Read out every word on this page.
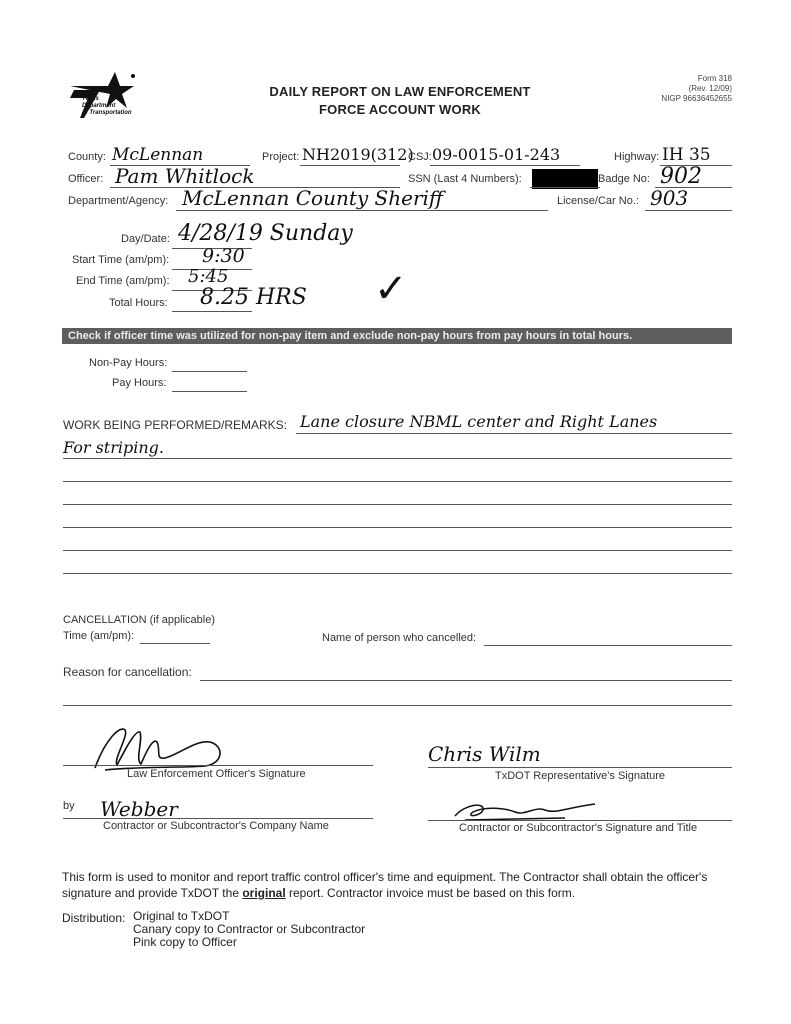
Texas
Department
of Transportation
DAILY REPORT ON LAW ENFORCEMENT
FORCE ACCOUNT WORK
Form 318
(Rev. 12/09)
NIGP 96636452655
County: McLennan	Project: NH2019(312)
CSJ: 09-0015-01-243	Highway: IH 35
Officer: Pam Whitlock	SSN (Last 4 Numbers):	Badge No: 902
Department/Agency: McLennan County Sheriff	License/Car No.: 903
Day/Date: 4/28/19 Sunday
Start Time (am/pm): 9:30
End Time (am/pm): 5:45
Total Hours: 8.25 HRS ✓
Check if officer time was utilized for non-pay item and exclude non-pay hours from pay hours in total hours.
Non-Pay Hours:
Pay Hours:
WORK BEING PERFORMED/REMARKS: Lane closure NBML center and Right Lanes
For striping.
CANCELLATION (if applicable)
Time (am/pm):	Name of person who cancelled:
Reason for cancellation:
Law Enforcement Officer's Signature
Chris Wilm
TxDOT Representative's Signature
by Webber
Contractor or Subcontractor's Company Name	Contractor or Subcontractor's Signature and Title
This form is used to monitor and report traffic control officer's time and equipment. The Contractor shall obtain the officer's signature and provide TxDOT the original report. Contractor invoice must be based on this form.
Distribution: Original to TxDOT
Canary copy to Contractor or Subcontractor
Pink copy to Officer
